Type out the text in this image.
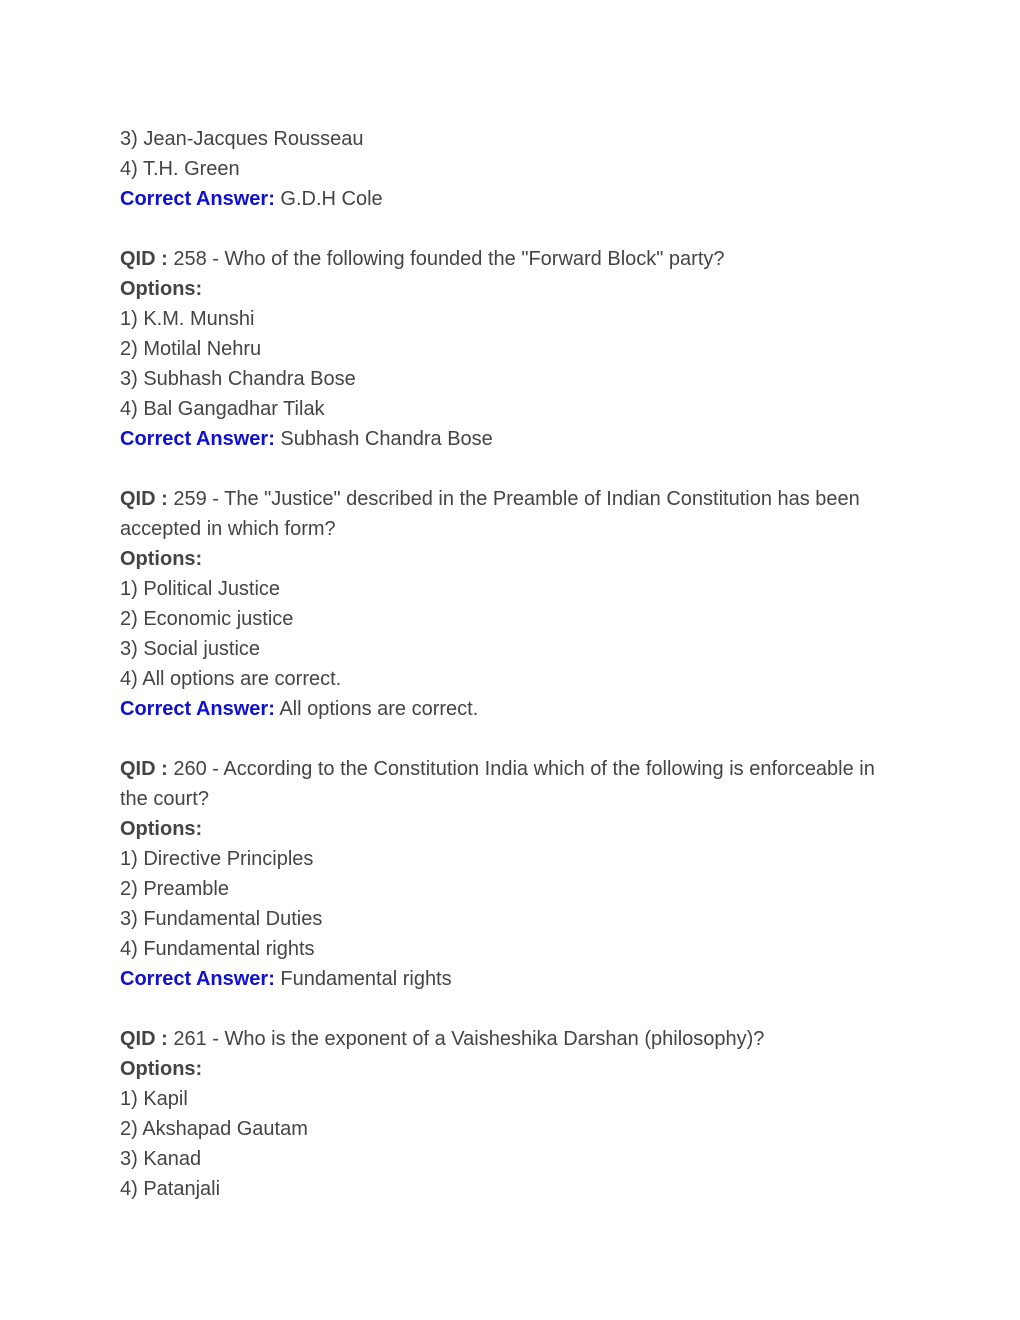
3) Jean-Jacques Rousseau

4) T.H. Green

Correct Answer: G.D.H Cole

QID : 258 - Who of the following founded the "Forward Block" party?

Options:

1) K.M. Munshi

2) Motilal Nehru

3) Subhash Chandra Bose

4) Bal Gangadhar Tilak

Correct Answer: Subhash Chandra Bose

QID : 259 - The "Justice" described in the Preamble of Indian Constitution has been accepted in which form?

Options:

1) Political Justice

2) Economic justice

3) Social justice

4) All options are correct.

Correct Answer: All options are correct.

QID : 260 - According to the Constitution India which of the following is enforceable in the court?

Options:

1) Directive Principles

2) Preamble

3) Fundamental Duties

4) Fundamental rights

Correct Answer: Fundamental rights

QID : 261 - Who is the exponent of a Vaisheshika Darshan (philosophy)?

Options:

1) Kapil

2) Akshapad Gautam

3) Kanad

4) Patanjali
